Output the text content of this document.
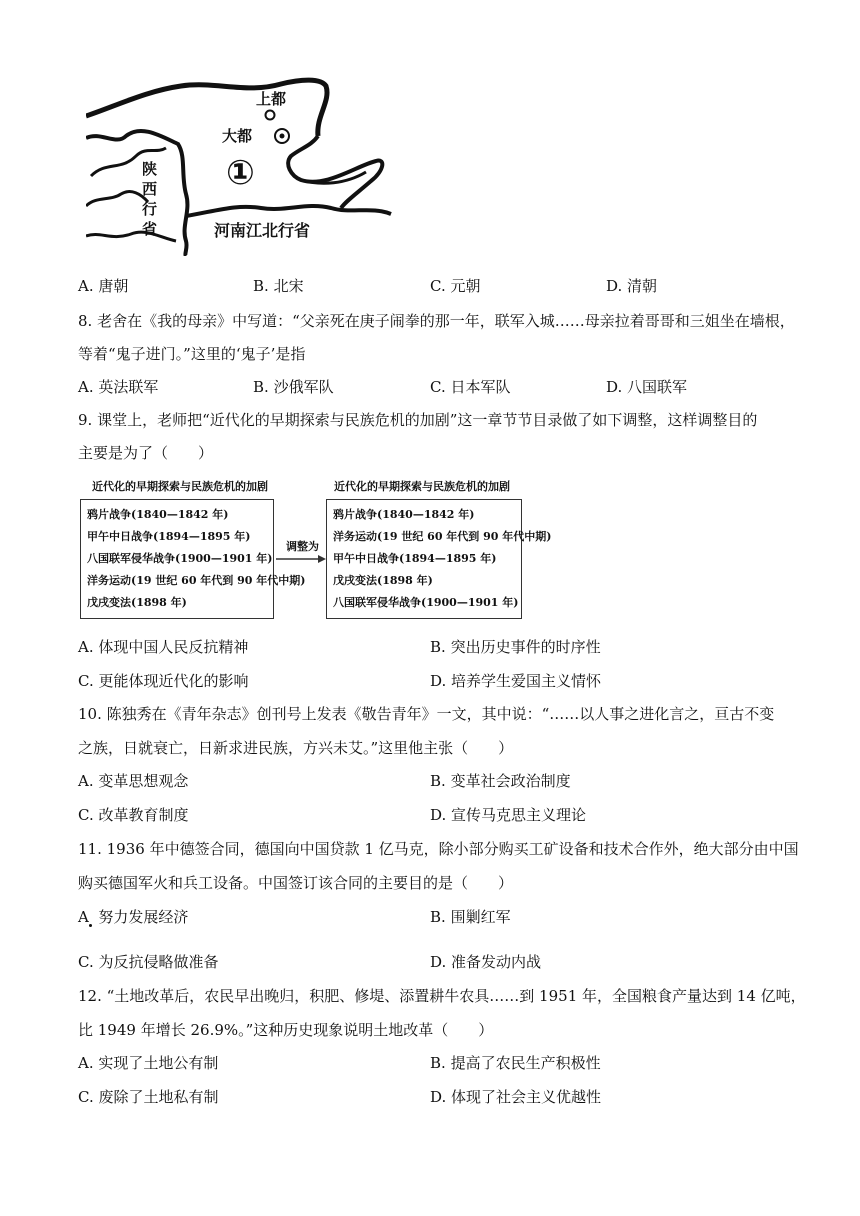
上都
大都
①
陕
西
行
省	河南江北行省
A. 唐朝	B. 北宋	C. 元朝	D. 清朝
8. 老舍在《我的母亲》中写道：“父亲死在庚子闹拳的那一年，联军入城……母亲拉着哥哥和三姐坐在墙根，
等着“鬼子进门。”这里的‘鬼子’是指
A. 英法联军	B. 沙俄军队	C. 日本军队	D. 八国联军
9. 课堂上，老师把“近代化的早期探索与民族危机的加剧”这一章节节目录做了如下调整，这样调整目的
主要是为了（　　）
近代化的早期探索与民族危机的加剧
鸦片战争(1840—1842 年)
甲午中日战争(1894—1895 年)
八国联军侵华战争(1900—1901 年)
洋务运动(19 世纪 60 年代到 90 年代中期)
戊戌变法(1898 年)
调整为
近代化的早期探索与民族危机的加剧
鸦片战争(1840—1842 年)
洋务运动(19 世纪 60 年代到 90 年代中期)
甲午中日战争(1894—1895 年)
戊戌变法(1898 年)
八国联军侵华战争(1900—1901 年)
A. 体现中国人民反抗精神	B. 突出历史事件的时序性
C. 更能体现近代化的影响	D. 培养学生爱国主义情怀
10. 陈独秀在《青年杂志》创刊号上发表《敬告青年》一文，其中说：“……以人事之进化言之，亘古不变
之族，日就衰亡，日新求进民族，方兴未艾。”这里他主张（　　）
A. 变革思想观念	B. 变革社会政治制度
C. 改革教育制度	D. 宣传马克思主义理论
11. 1936 年中德签合同，德国向中国贷款 1 亿马克，除小部分购买工矿设备和技术合作外，绝大部分由中国
购买德国军火和兵工设备。中国签订该合同的主要目的是（　　）
A 努力发展经济	B. 围剿红军
C. 为反抗侵略做准备	D. 准备发动内战
12. “土地改革后，农民早出晚归，积肥、修堤、添置耕牛农具……到 1951 年，全国粮食产量达到 14 亿吨，
比 1949 年增长 26.9%。”这种历史现象说明土地改革（　　）
A. 实现了土地公有制	B. 提高了农民生产积极性
C. 废除了土地私有制	D. 体现了社会主义优越性
